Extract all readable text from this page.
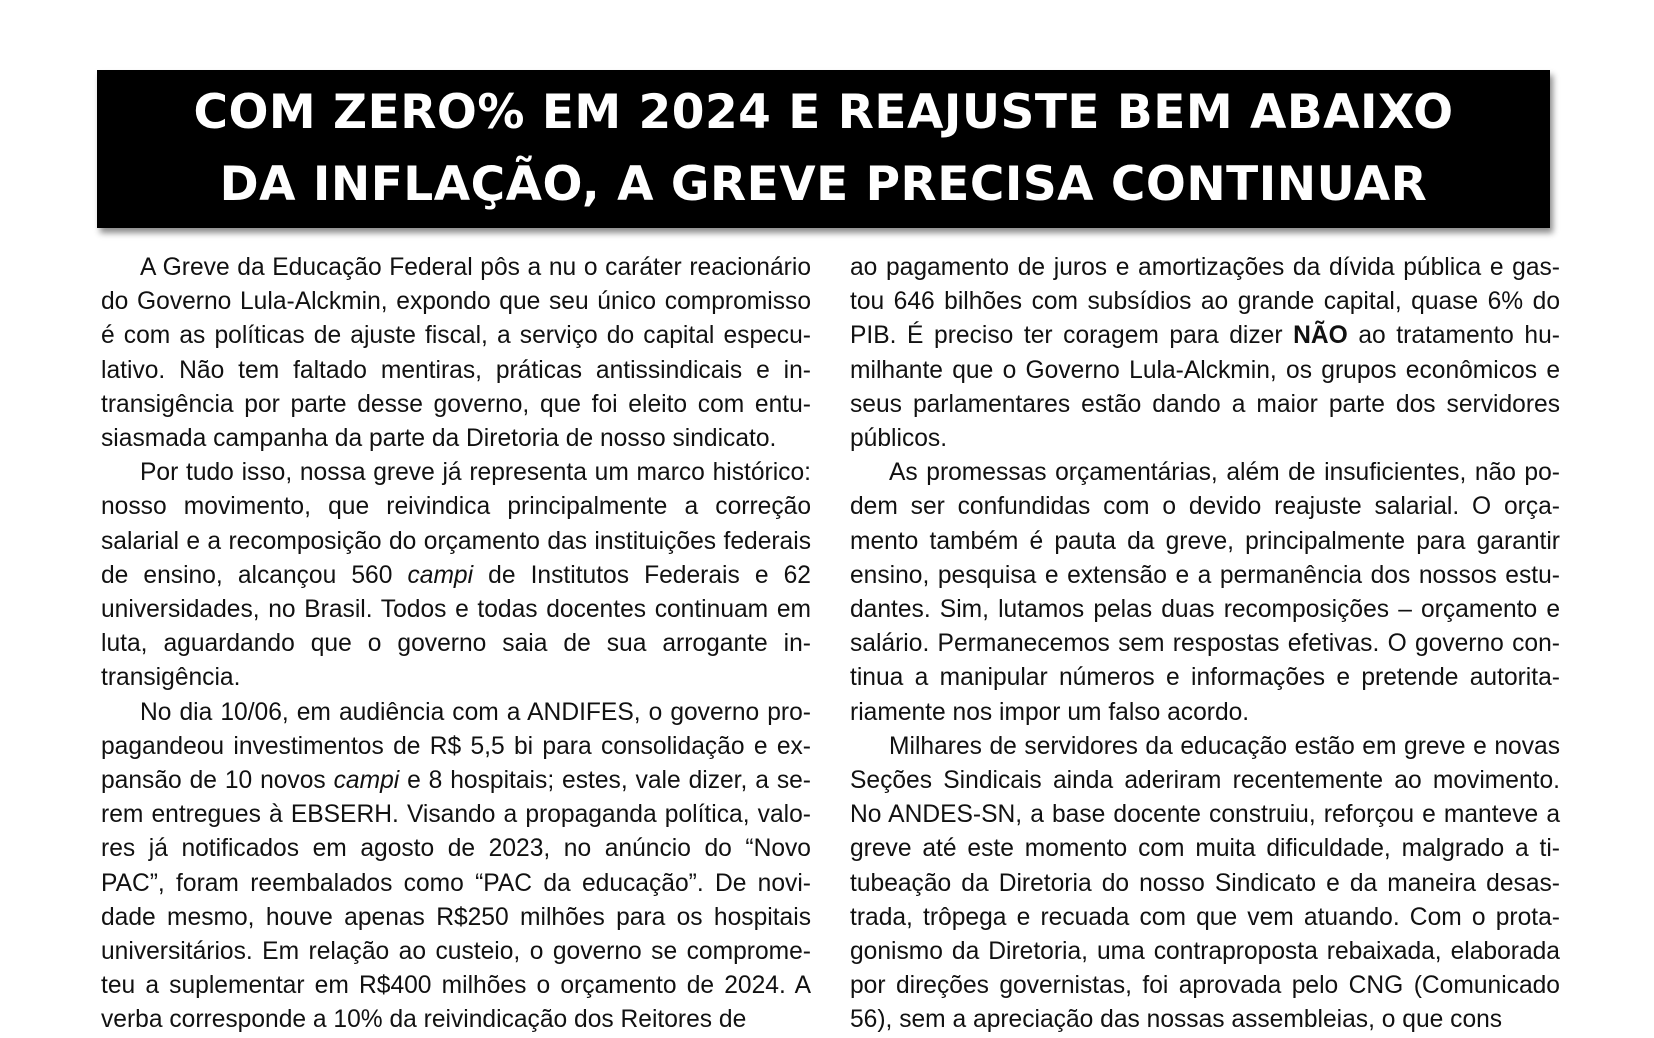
COM ZERO% EM 2024 E REAJUSTE BEM ABAIXO
DA INFLAÇÃO, A GREVE PRECISA CONTINUAR

A Greve da Educação Federal pôs a nu o caráter reacionário do Governo Lula-Alckmin, expondo que seu único compromisso é com as políticas de ajuste fiscal, a serviço do capital especulativo. Não tem faltado mentiras, práticas antissindicais e intransigência por parte desse governo, que foi eleito com entusiasmada campanha da parte da Diretoria de nosso sindicato.

Por tudo isso, nossa greve já representa um marco histórico: nosso movimento, que reivindica principalmente a correção salarial e a recomposição do orçamento das instituições federais de ensino, alcançou 560 campi de Institutos Federais e 62 universidades, no Brasil. Todos e todas docentes continuam em luta, aguardando que o governo saia de sua arrogante intransigência.

No dia 10/06, em audiência com a ANDIFES, o governo propagandeou investimentos de R$ 5,5 bi para consolidação e expansão de 10 novos campi e 8 hospitais; estes, vale dizer, a serem entregues à EBSERH. Visando a propaganda política, valores já notificados em agosto de 2023, no anúncio do “Novo PAC”, foram reembalados como “PAC da educação”. De novidade mesmo, houve apenas R$250 milhões para os hospitais universitários. Em relação ao custeio, o governo se comprometeu a suplementar em R$400 milhões o orçamento de 2024. A verba corresponde a 10% da reivindicação dos Reitores de

ao pagamento de juros e amortizações da dívida pública e gastou 646 bilhões com subsídios ao grande capital, quase 6% do PIB. É preciso ter coragem para dizer NÃO ao tratamento humilhante que o Governo Lula-Alckmin, os grupos econômicos e seus parlamentares estão dando a maior parte dos servidores públicos.

As promessas orçamentárias, além de insuficientes, não podem ser confundidas com o devido reajuste salarial. O orçamento também é pauta da greve, principalmente para garantir ensino, pesquisa e extensão e a permanência dos nossos estudantes. Sim, lutamos pelas duas recomposições – orçamento e salário. Permanecemos sem respostas efetivas. O governo continua a manipular números e informações e pretende autoritariamente nos impor um falso acordo.

Milhares de servidores da educação estão em greve e novas Seções Sindicais ainda aderiram recentemente ao movimento. No ANDES-SN, a base docente construiu, reforçou e manteve a greve até este momento com muita dificuldade, malgrado a titubeação da Diretoria do nosso Sindicato e da maneira desastrada, trôpega e recuada com que vem atuando. Com o protagonismo da Diretoria, uma contraproposta rebaixada, elaborada por direções governistas, foi aprovada pelo CNG (Comunicado 56), sem a apreciação das nossas assembleias, o que cons
